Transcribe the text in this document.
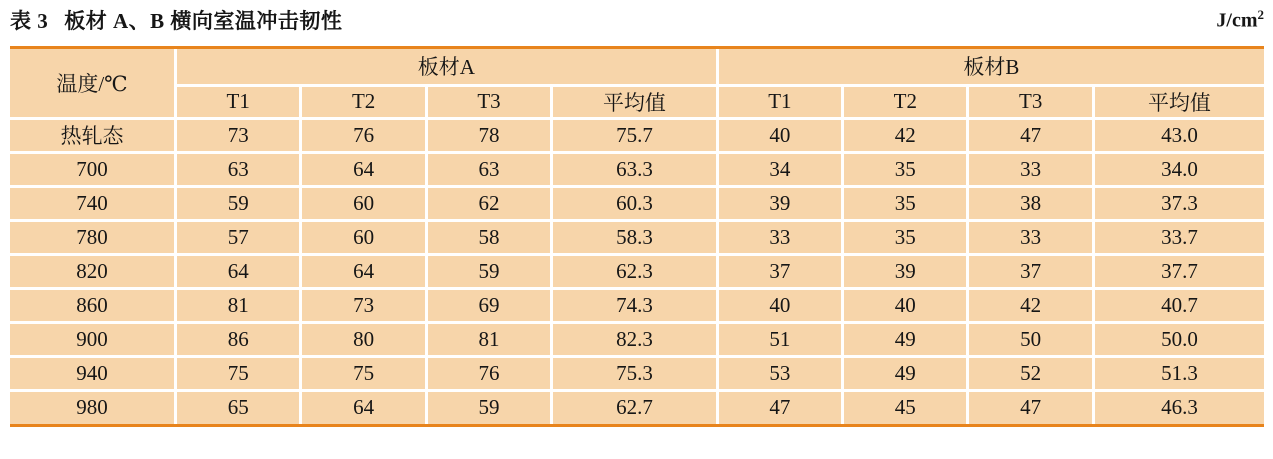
表 3 板材 A、B 横向室温冲击韧性	$J/cm^2$
温度/℃	板材A				板材B			
	T1	T2	T3	平均值	T1	T2	T3	平均值
热轧态	73	76	78	75.7	40	42	47	43.0
700	63	64	63	63.3	34	35	33	34.0
740	59	60	62	60.3	39	35	38	37.3
780	57	60	58	58.3	33	35	33	33.7
820	64	64	59	62.3	37	39	37	37.7
860	81	73	69	74.3	40	40	42	40.7
900	86	80	81	82.3	51	49	50	50.0
940	75	75	76	75.3	53	49	52	51.3
980	65	64	59	62.7	47	45	47	46.3
